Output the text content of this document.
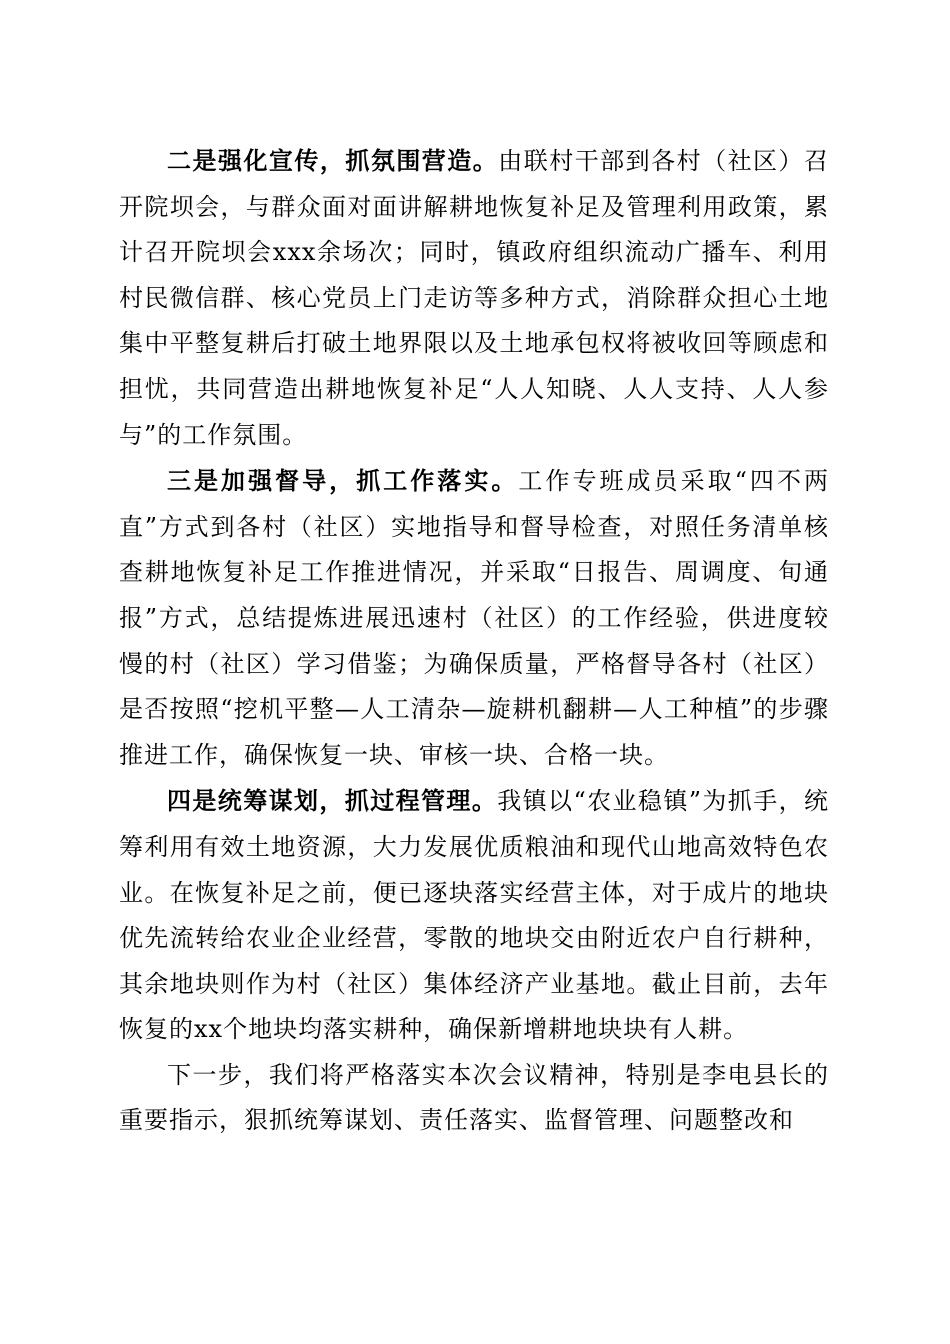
二是强化宣传，抓氛围营造。由联村干部到各村（社区）召开院坝会，与群众面对面讲解耕地恢复补足及管理利用政策，累计召开院坝会xxx余场次；同时，镇政府组织流动广播车、利用村民微信群、核心党员上门走访等多种方式，消除群众担心土地集中平整复耕后打破土地界限以及土地承包权将被收回等顾虑和担忧，共同营造出耕地恢复补足“人人知晓、人人支持、人人参与”的工作氛围。

三是加强督导，抓工作落实。工作专班成员采取“四不两直”方式到各村（社区）实地指导和督导检查，对照任务清单核查耕地恢复补足工作推进情况，并采取“日报告、周调度、旬通报”方式，总结提炼进展迅速村（社区）的工作经验，供进度较慢的村（社区）学习借鉴；为确保质量，严格督导各村（社区）是否按照“挖机平整—人工清杂—旋耕机翻耕—人工种植”的步骤推进工作，确保恢复一块、审核一块、合格一块。

四是统筹谋划，抓过程管理。我镇以“农业稳镇”为抓手，统筹利用有效土地资源，大力发展优质粮油和现代山地高效特色农业。在恢复补足之前，便已逐块落实经营主体，对于成片的地块优先流转给农业企业经营，零散的地块交由附近农户自行耕种，其余地块则作为村（社区）集体经济产业基地。截止目前，去年恢复的xx个地块均落实耕种，确保新增耕地块块有人耕。

下一步，我们将严格落实本次会议精神，特别是李电县长的重要指示，狠抓统筹谋划、责任落实、监督管理、问题整改和
